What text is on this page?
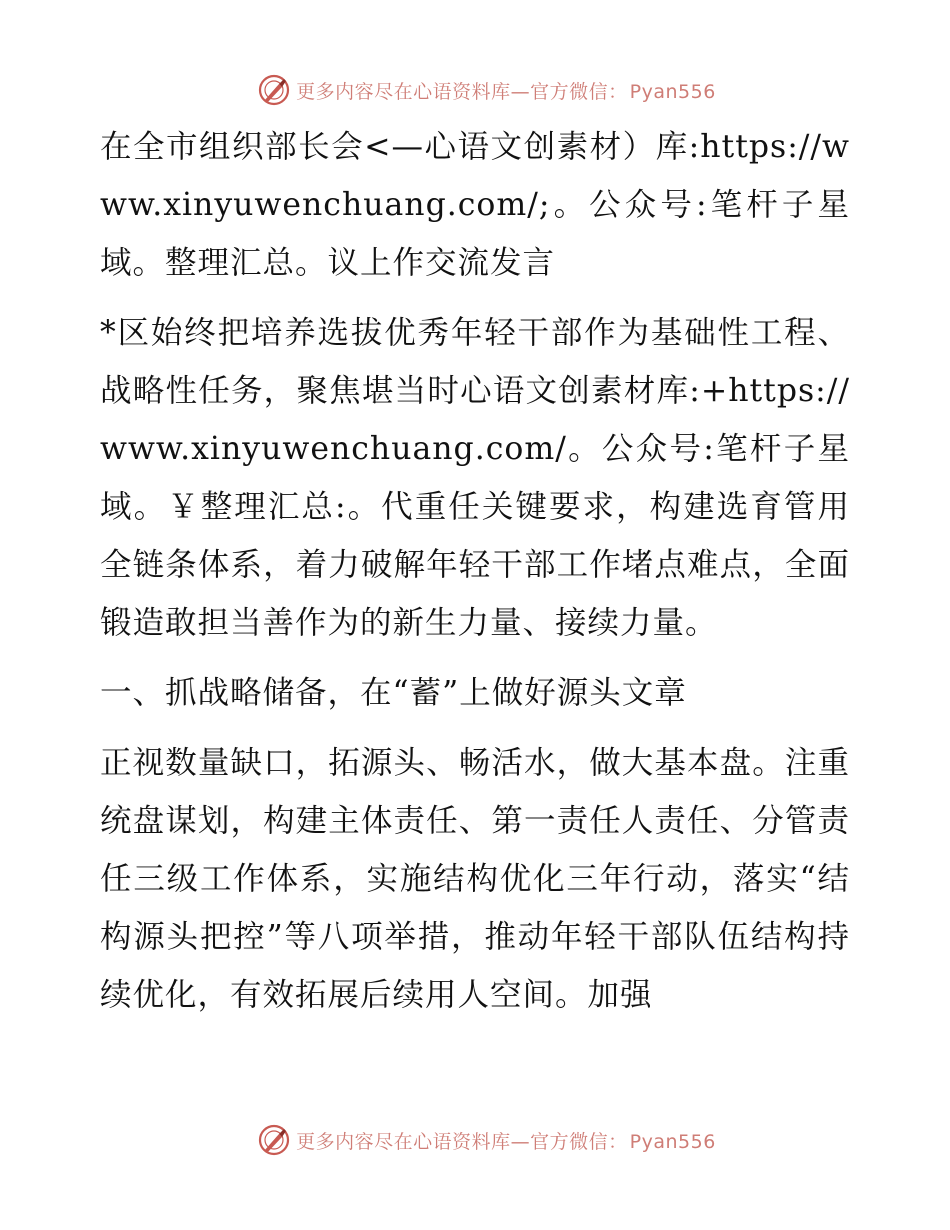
更多内容尽在心语资料库—官方微信： Pyan556

在全市组织部长会<—心语文创素材）库:https://www.xinyuwenchuang.com/;。公众号:笔杆子星域。整理汇总。议上作交流发言

*区始终把培养选拔优秀年轻干部作为基础性工程、战略性任务，聚焦堪当时心语文创素材库:+https://www.xinyuwenchuang.com/。公众号:笔杆子星域。￥整理汇总:。代重任关键要求，构建选育管用全链条体系，着力破解年轻干部工作堵点难点，全面锻造敢担当善作为的新生力量、接续力量。

一、抓战略储备，在“蓄”上做好源头文章

正视数量缺口，拓源头、畅活水，做大基本盘。注重统盘谋划，构建主体责任、第一责任人责任、分管责任三级工作体系，实施结构优化三年行动，落实“结构源头把控”等八项举措，推动年轻干部队伍结构持续优化，有效拓展后续用人空间。加强

更多内容尽在心语资料库—官方微信： Pyan556
